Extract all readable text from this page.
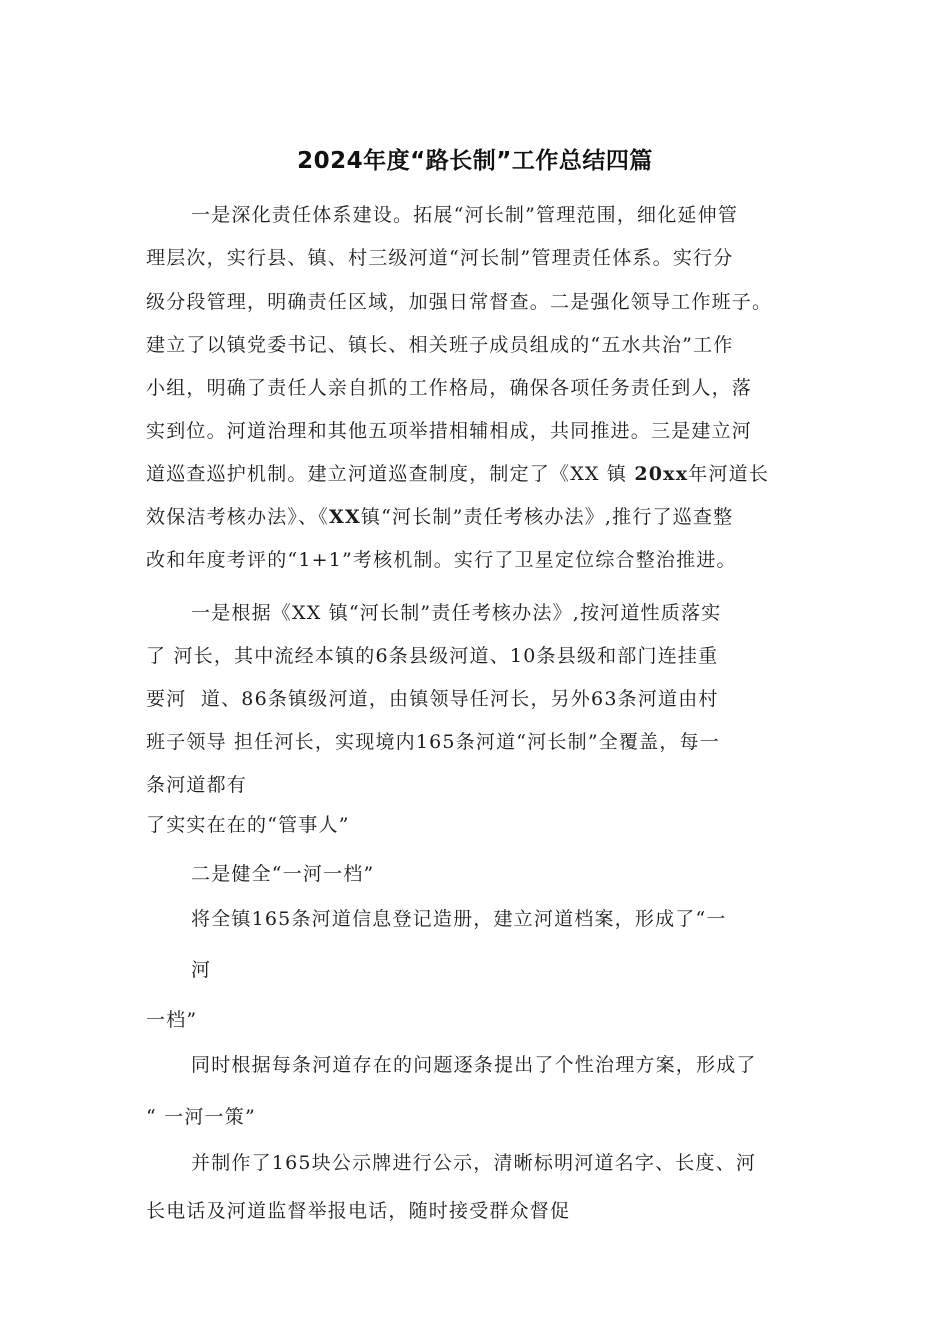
2024年度“路长制”工作总结四篇
一是深化责任体系建设。拓展“河长制”管理范围，细化延伸管
理层次，实行县、镇、村三级河道“河长制”管理责任体系。实行分
级分段管理，明确责任区域，加强日常督查。二是强化领导工作班子。
建立了以镇党委书记、镇长、相关班子成员组成的“五水共治”工作
小组，明确了责任人亲自抓的工作格局，确保各项任务责任到人，落
实到位。河道治理和其他五项举措相辅相成，共同推进。三是建立河
道巡查巡护机制。建立河道巡查制度，制定了《XX 镇 20xx年河道长
效保洁考核办法》、《XX镇“河长制”责任考核办法》,推行了巡查整
改和年度考评的“1+1”考核机制。实行了卫星定位综合整治推进。
一是根据《XX 镇“河长制”责任考核办法》,按河道性质落实
了 河长，其中流经本镇的6条县级河道、10条县级和部门连挂重
要河  道、86条镇级河道，由镇领导任河长，另外63条河道由村
班子领导 担任河长，实现境内165条河道“河长制”全覆盖，每一
条河道都有
了实实在在的“管事人”
二是健全“一河一档”
将全镇165条河道信息登记造册，建立河道档案，形成了“一
河
一档”
同时根据每条河道存在的问题逐条提出了个性治理方案，形成了
“ 一河一策”
并制作了165块公示牌进行公示，清晰标明河道名字、长度、河
长电话及河道监督举报电话，随时接受群众督促
